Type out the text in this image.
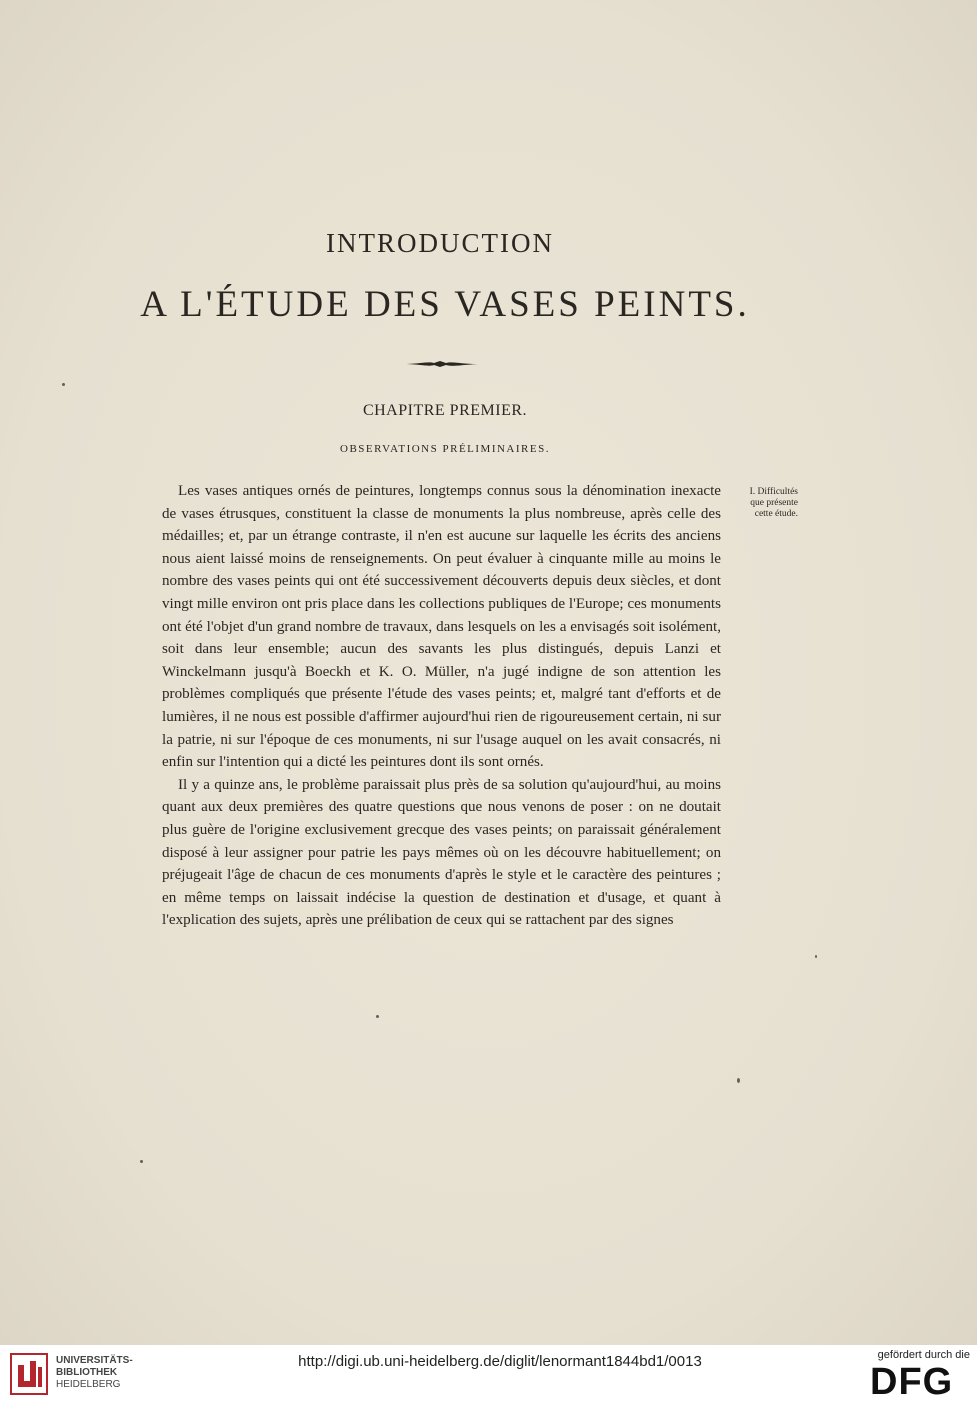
INTRODUCTION
A L'ÉTUDE DES VASES PEINTS.
CHAPITRE PREMIER.
OBSERVATIONS PRÉLIMINAIRES.

Les vases antiques ornés de peintures, longtemps connus sous la dénomination inexacte de vases étrusques, constituent la classe de monuments la plus nombreuse, après celle des médailles; et, par un étrange contraste, il n'en est aucune sur laquelle les écrits des anciens nous aient laissé moins de renseignements. On peut évaluer à cinquante mille au moins le nombre des vases peints qui ont été successivement découverts depuis deux siècles, et dont vingt mille environ ont pris place dans les collections publiques de l'Europe; ces monuments ont été l'objet d'un grand nombre de travaux, dans lesquels on les a envisagés soit isolément, soit dans leur ensemble; aucun des savants les plus distingués, depuis Lanzi et Winckelmann jusqu'à Boeckh et K. O. Müller, n'a jugé indigne de son attention les problèmes compliqués que présente l'étude des vases peints; et, malgré tant d'efforts et de lumières, il ne nous est possible d'affirmer aujourd'hui rien de rigoureusement certain, ni sur la patrie, ni sur l'époque de ces monuments, ni sur l'usage auquel on les avait consacrés, ni enfin sur l'intention qui a dicté les peintures dont ils sont ornés.

Il y a quinze ans, le problème paraissait plus près de sa solution qu'aujourd'hui, au moins quant aux deux premières des quatre questions que nous venons de poser : on ne doutait plus guère de l'origine exclusivement grecque des vases peints; on paraissait généralement disposé à leur assigner pour patrie les pays mêmes où on les découvre habituellement; on préjugeait l'âge de chacun de ces monuments d'après le style et le caractère des peintures ; en même temps on laissait indécise la question de destination et d'usage, et quant à l'explication des sujets, après une prélibation de ceux qui se rattachent par des signes

I. Difficultés que présente cette étude.
UNIVERSITÄTS-
BIBLIOTHEK
HEIDELBERG
http://digi.ub.uni-heidelberg.de/diglit/lenormant1844bd1/0013	gefördert durch die
DFG
